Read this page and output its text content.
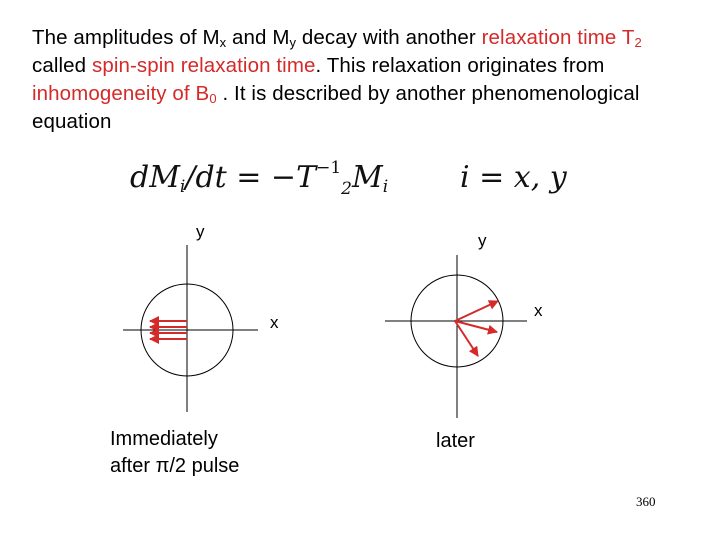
The amplitudes of $M_x$ and $M_y$ decay with another relaxation time $T_2$ called spin-spin relaxation time. This relaxation originates from inhomogeneity of $B_0$ . It is described by another phenomenological equation
$dMi/dt = -T^{-1}_2Mi$ i = x, y
y
x
y
x
Immediately
after π/2 pulse
later
360
